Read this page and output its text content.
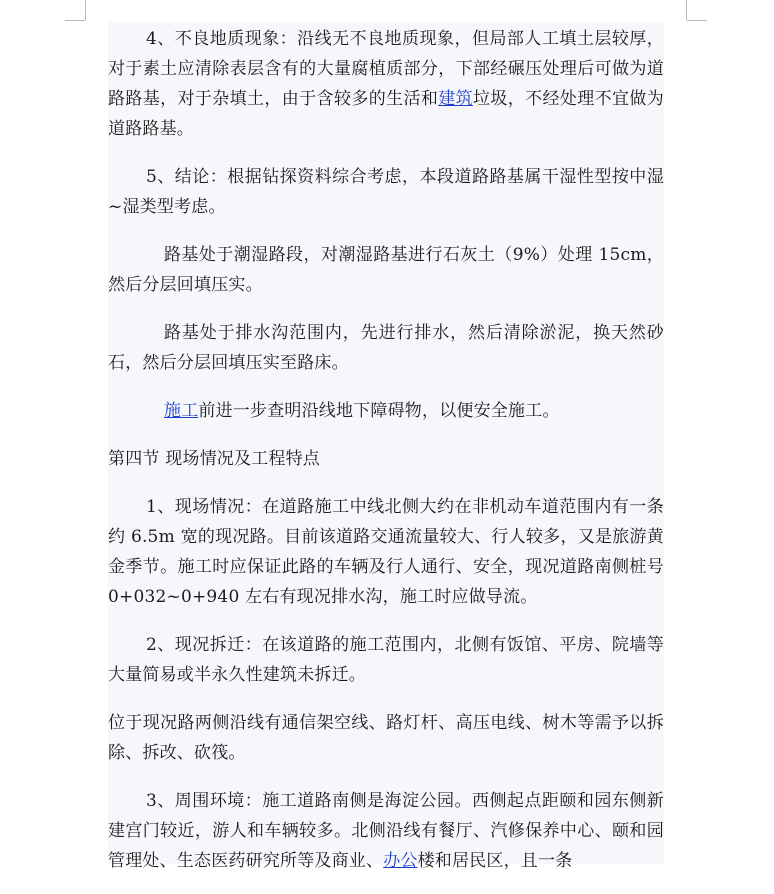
4、不良地质现象：沿线无不良地质现象，但局部人工填土层较厚，对于素土应清除表层含有的大量腐植质部分，下部经碾压处理后可做为道路路基，对于杂填土，由于含较多的生活和建筑垃圾，不经处理不宜做为道路路基。

5、结论：根据钻探资料综合考虑，本段道路路基属干湿性型按中湿~湿类型考虑。

路基处于潮湿路段，对潮湿路基进行石灰土（9%）处理 15cm，然后分层回填压实。

路基处于排水沟范围内，先进行排水，然后清除淤泥，换天然砂石，然后分层回填压实至路床。

施工前进一步查明沿线地下障碍物，以便安全施工。

第四节 现场情况及工程特点

1、现场情况：在道路施工中线北侧大约在非机动车道范围内有一条约 6.5m 宽的现况路。目前该道路交通流量较大、行人较多，又是旅游黄金季节。施工时应保证此路的车辆及行人通行、安全，现况道路南侧桩号 0+032~0+940 左右有现况排水沟，施工时应做导流。

2、现况拆迁：在该道路的施工范围内，北侧有饭馆、平房、院墙等大量简易或半永久性建筑未拆迁。

位于现况路两侧沿线有通信架空线、路灯杆、高压电线、树木等需予以拆除、拆改、砍筏。

3、周围环境：施工道路南侧是海淀公园。西侧起点距颐和园东侧新建宫门较近，游人和车辆较多。北侧沿线有餐厅、汽修保养中心、颐和园管理处、生态医药研究所等及商业、办公楼和居民区，且一条
